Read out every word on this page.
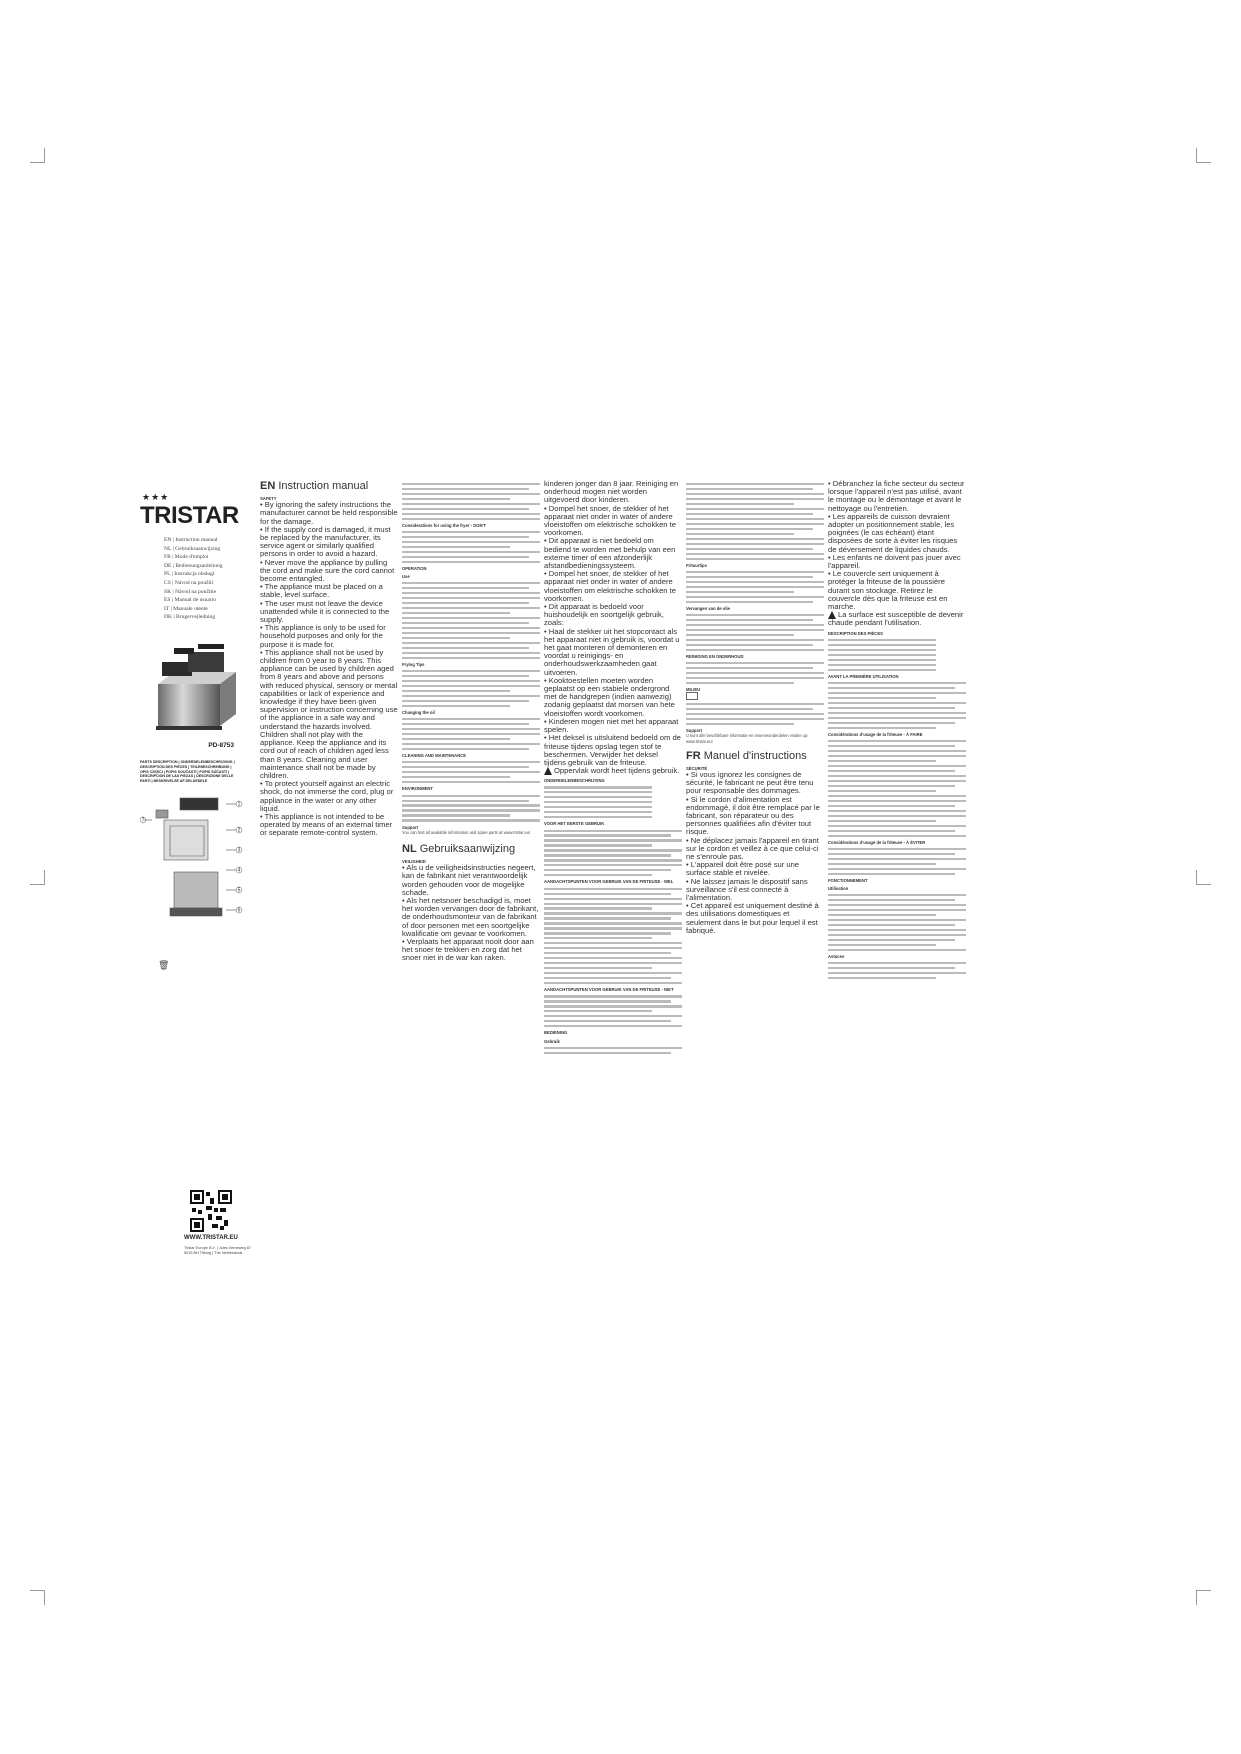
★★★
TRISTAR
EN | Instruction manual
NL | Gebruiksaanwijzing
FR | Mode d'emploi
DE | Bedienungsanleitung
PL | Instrukcja obsługi
CS | Návod na použití
SK | Návod na použitie
ES | Manual de usuario
IT | Manuale utente
DK | Brugervejledning
PD-8753
PARTS DESCRIPTION | ONDERDELENBESCHRIJVING | DESCRIPTION DES PIÈCES | TEILEBESCHREIBUNG | OPIS CZĘŚCI | POPIS SOUČÁSTÍ | POPIS SÚČASTÍ | DESCRIPCIÓN DE LAS PIEZAS | DESCRIZIONE DELLE PARTI | BESKRIVELSE AF DELDEDELE
1
2
3
4
5
6
7
🗑
WWW.TRISTAR.EU
Tristar Europe B.V. | Jules Verneweg 87 5015 BH Tilburg | The Netherlands
EN Instruction manual
SAFETY

• By ignoring the safety instructions the manufacturer cannot be held responsible for the damage.

• If the supply cord is damaged, it must be replaced by the manufacturer, its service agent or similarly qualified persons in order to avoid a hazard.

• Never move the appliance by pulling the cord and make sure the cord cannot become entangled.

• The appliance must be placed on a stable, level surface.

• The user must not leave the device unattended while it is connected to the supply.

• This appliance is only to be used for household purposes and only for the purpose it is made for.

• This appliance shall not be used by children from 0 year to 8 years. This appliance can be used by children aged from 8 years and above and persons with reduced physical, sensory or mental capabilities or lack of experience and knowledge if they have been given supervision or instruction concerning use of the appliance in a safe way and understand the hazards involved. Children shall not play with the appliance. Keep the appliance and its cord out of reach of children aged less than 8 years. Cleaning and user maintenance shall not be made by children.

• To protect yourself against an electric shock, do not immerse the cord, plug or appliance in the water or any other liquid.

• This appliance is not intended to be operated by means of an external timer or separate remote-control system.

Considerations for using the fryer - DON'T
OPERATION
Use
Frying Tips
Changing the oil
CLEANING AND MAINTENANCE
ENVIRONMENT
Support

You can find all available information and spare parts at www.tristar.eu!

NL Gebruiksaanwijzing
VEILIGHEID

• Als u de veiligheidsinstructies negeert, kan de fabrikant niet verantwoordelijk worden gehouden voor de mogelijke schade.

• Als het netsnoer beschadigd is, moet het worden vervangen door de fabrikant, de onderhoudsmonteur van de fabrikant of door personen met een soortgelijke kwalificatie om gevaar te voorkomen.

• Verplaats het apparaat nooit door aan het snoer te trekken en zorg dat het snoer niet in de war kan raken.

kinderen jonger dan 8 jaar. Reiniging en onderhoud mogen niet worden uitgevoerd door kinderen.

• Dompel het snoer, de stekker of het apparaat niet onder in water of andere vloeistoffen om elektrische schokken te voorkomen.

• Dit apparaat is niet bedoeld om bediend te worden met behulp van een externe timer of een afzonderlijk afstandbedieningssysteem.

• Dompel het snoer, de stekker of het apparaat niet onder in water of andere vloeistoffen om elektrische schokken te voorkomen.

• Dit apparaat is bedoeld voor huishoudelijk en soortgelijk gebruik, zoals:

• Haal de stekker uit het stopcontact als het apparaat niet in gebruik is, voordat u het gaat monteren of demonteren en voordat u reinigings- en onderhoudswerkzaamheden gaat uitvoeren.

• Kooktoestellen moeten worden geplaatst op een stabiele ondergrond met de handgrepen (indien aanwezig) zodanig geplaatst dat morsen van hete vloeistoffen wordt voorkomen.

• Kinderen mogen niet met het apparaat spelen.

• Het deksel is uitsluitend bedoeld om de friteuse tijdens opslag tegen stof te beschermen. Verwijder het deksel tijdens gebruik van de friteuse.

Oppervlak wordt heet tijdens gebruik.
ONDERDELENBESCHRIJVING
VOOR HET EERSTE GEBRUIK
AANDACHTSPUNTEN VOOR GEBRUIK VAN DE FRITEUSE - WEL
AANDACHTSPUNTEN VOOR GEBRUIK VAN DE FRITEUSE - NIET
BEDIENING
Gebruik
Frituurtips
Vervangen van de olie
REINIGING EN ONDERHOUD
MILIEU
Support

U kunt alle beschikbare informatie en reserveonderdelen vinden op www.tristar.eu!

FR Manuel d'instructions
SÉCURITÉ

• Si vous ignorez les consignes de sécurité, le fabricant ne peut être tenu pour responsable des dommages.

• Si le cordon d'alimentation est endommagé, il doit être remplacé par le fabricant, son réparateur ou des personnes qualifiées afin d'éviter tout risque.

• Ne déplacez jamais l'appareil en tirant sur le cordon et veillez à ce que celui-ci ne s'enroule pas.

• L'appareil doit être posé sur une surface stable et nivelée.

• Ne laissez jamais le dispositif sans surveillance s'il est connecté à l'alimentation.

• Cet appareil est uniquement destiné à des utilisations domestiques et seulement dans le but pour lequel il est fabriqué.

• Débranchez la fiche secteur du secteur lorsque l'appareil n'est pas utilisé, avant le montage ou le démontage et avant le nettoyage ou l'entretien.

• Les appareils de cuisson devraient adopter un positionnement stable, les poignées (le cas échéant) étant disposées de sorte à éviter les risques de déversement de liquides chauds.

• Les enfants ne doivent pas jouer avec l'appareil.

• Le couvercle sert uniquement à protéger la friteuse de la poussière durant son stockage. Retirez le couvercle dès que la friteuse est en marche.

La surface est susceptible de devenir chaude pendant l'utilisation.
DESCRIPTION DES PIÈCES
AVANT LA PREMIÈRE UTILISATION
Considérations d'usage de la friteuse - À FAIRE
Considérations d'usage de la friteuse - À ÉVITER
FONCTIONNEMENT
Utilisation
Astuces
